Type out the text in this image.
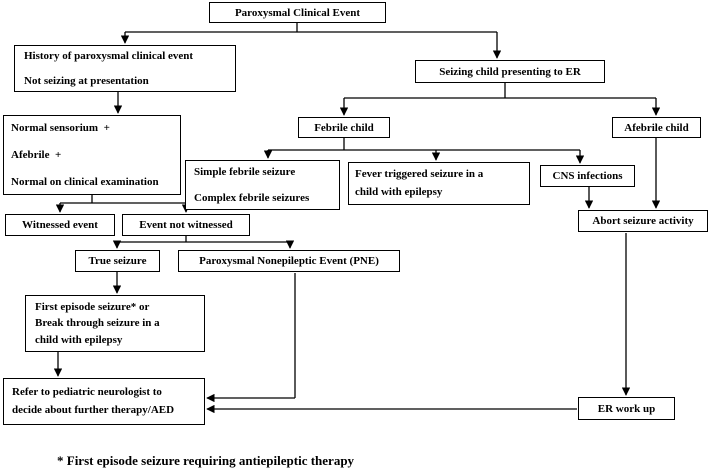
Paroxysmal Clinical Event
History of paroxysmal clinical event
Not seizing at presentation
Seizing child presenting to ER
Normal sensorium  +
Afebrile  +
Normal on clinical examination
Febrile child	Afebrile child
Simple febrile seizure
Complex febrile seizures
Fever triggered seizure in a
child with epilepsy
CNS infections
Abort seizure activity
Witnessed event	Event not witnessed
True seizure	Paroxysmal Nonepileptic Event (PNE)
First episode seizure* or
Break through seizure in a
child with epilepsy
Refer to pediatric neurologist to
decide about further therapy/AED	ER work up
* First episode seizure requiring antiepileptic therapy
